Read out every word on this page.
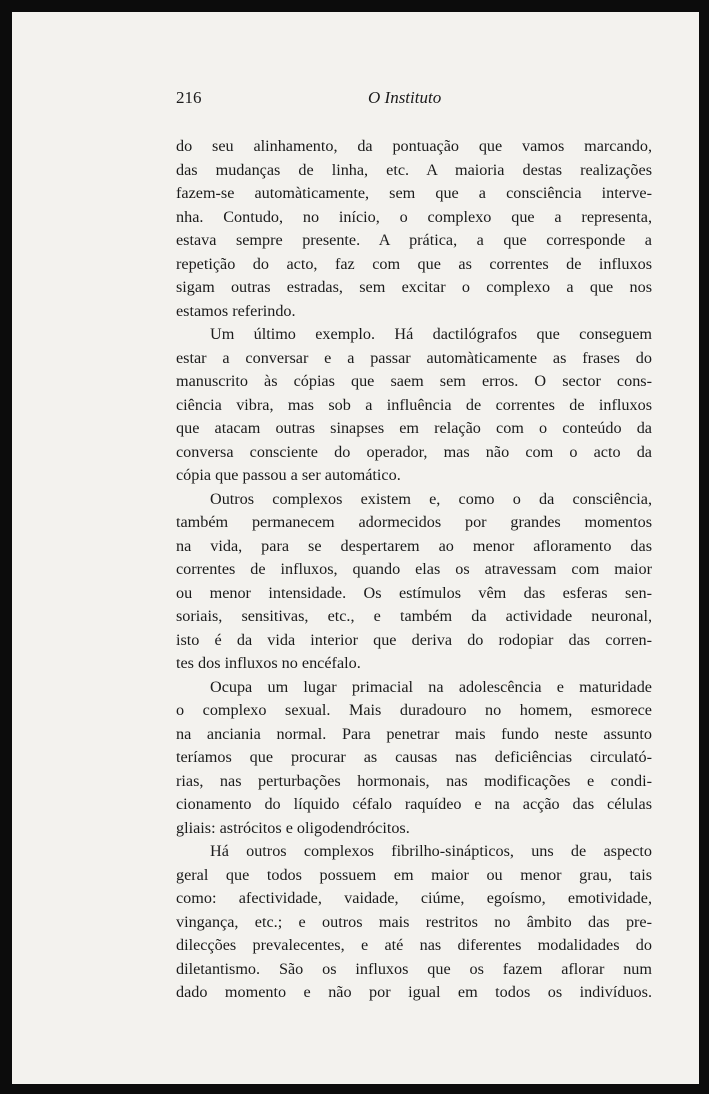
216	O Instituto
do seu alinhamento, da pontuação que vamos marcando,
das mudanças de linha, etc. A maioria destas realizações
fazem-se automàticamente, sem que a consciência interve-
nha. Contudo, no início, o complexo que a representa,
estava sempre presente. A prática, a que corresponde a
repetição do acto, faz com que as correntes de influxos
sigam outras estradas, sem excitar o complexo a que nos
estamos referindo.
Um último exemplo. Há dactilógrafos que conseguem
estar a conversar e a passar automàticamente as frases do
manuscrito às cópias que saem sem erros. O sector cons-
ciência vibra, mas sob a influência de correntes de influxos
que atacam outras sinapses em relação com o conteúdo da
conversa consciente do operador, mas não com o acto da
cópia que passou a ser automático.
Outros complexos existem e, como o da consciência,
também permanecem adormecidos por grandes momentos
na vida, para se despertarem ao menor afloramento das
correntes de influxos, quando elas os atravessam com maior
ou menor intensidade. Os estímulos vêm das esferas sen-
soriais, sensitivas, etc., e também da actividade neuronal,
isto é da vida interior que deriva do rodopiar das corren-
tes dos influxos no encéfalo.
Ocupa um lugar primacial na adolescência e maturidade
o complexo sexual. Mais duradouro no homem, esmorece
na anciania normal. Para penetrar mais fundo neste assunto
teríamos que procurar as causas nas deficiências circulató-
rias, nas perturbações hormonais, nas modificações e condi-
cionamento do líquido céfalo raquídeo e na acção das células
gliais: astrócitos e oligodendrócitos.
Há outros complexos fibrilho-sinápticos, uns de aspecto
geral que todos possuem em maior ou menor grau, tais
como: afectividade, vaidade, ciúme, egoísmo, emotividade,
vingança, etc.; e outros mais restritos no âmbito das pre-
dilecções prevalecentes, e até nas diferentes modalidades do
diletantismo. São os influxos que os fazem aflorar num
dado momento e não por igual em todos os indivíduos.
